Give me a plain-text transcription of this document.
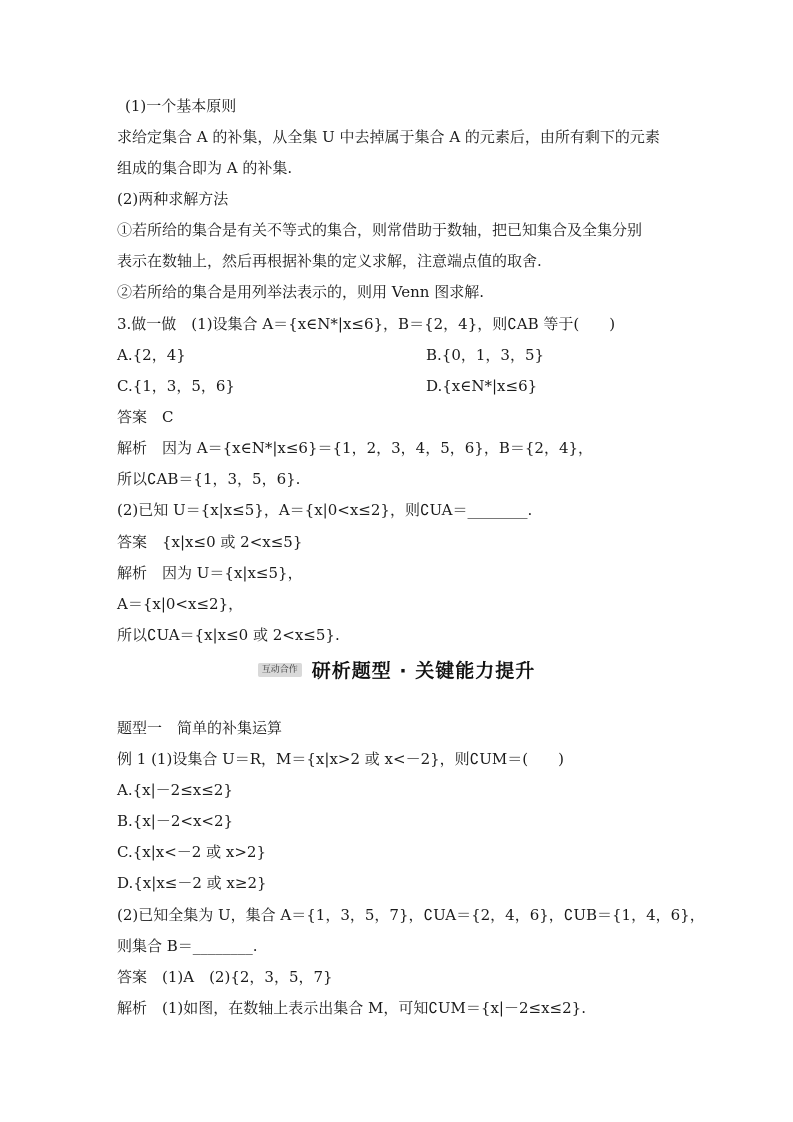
(1)一个基本原则
求给定集合 A 的补集，从全集 U 中去掉属于集合 A 的元素后，由所有剩下的元素
组成的集合即为 A 的补集.
(2)两种求解方法
①若所给的集合是有关不等式的集合，则常借助于数轴，把已知集合及全集分别
表示在数轴上，然后再根据补集的定义求解，注意端点值的取舍.
②若所给的集合是用列举法表示的，则用 Venn 图求解.
3.做一做　(1)设集合 A＝{x∈N*|x≤6}，B＝{2，4}，则∁AB 等于(　　)
A.{2，4}	B.{0，1，3，5}
C.{1，3，5，6}	D.{x∈N*|x≤6}
答案　C
解析　因为 A＝{x∈N*|x≤6}＝{1，2，3，4，5，6}，B＝{2，4}，
所以∁AB＝{1，3，5，6}.
(2)已知 U＝{x|x≤5}，A＝{x|0<x≤2}，则∁UA＝________.
答案　{x|x≤0 或 2<x≤5}
解析　因为 U＝{x|x≤5}，
A＝{x|0<x≤2}，
所以∁UA＝{x|x≤0 或 2<x≤5}.
互动合作 研析题型 · 关键能力提升
题型一　简单的补集运算
例 1 (1)设集合 U＝R，M＝{x|x>2 或 x<－2}，则∁UM＝(　　)
A.{x|－2≤x≤2}
B.{x|－2<x<2}
C.{x|x<－2 或 x>2}
D.{x|x≤－2 或 x≥2}
(2)已知全集为 U，集合 A＝{1，3，5，7}，∁UA＝{2，4，6}，∁UB＝{1，4，6}，
则集合 B＝________.
答案　(1)A　(2){2，3，5，7}
解析　(1)如图，在数轴上表示出集合 M，可知∁UM＝{x|－2≤x≤2}.
